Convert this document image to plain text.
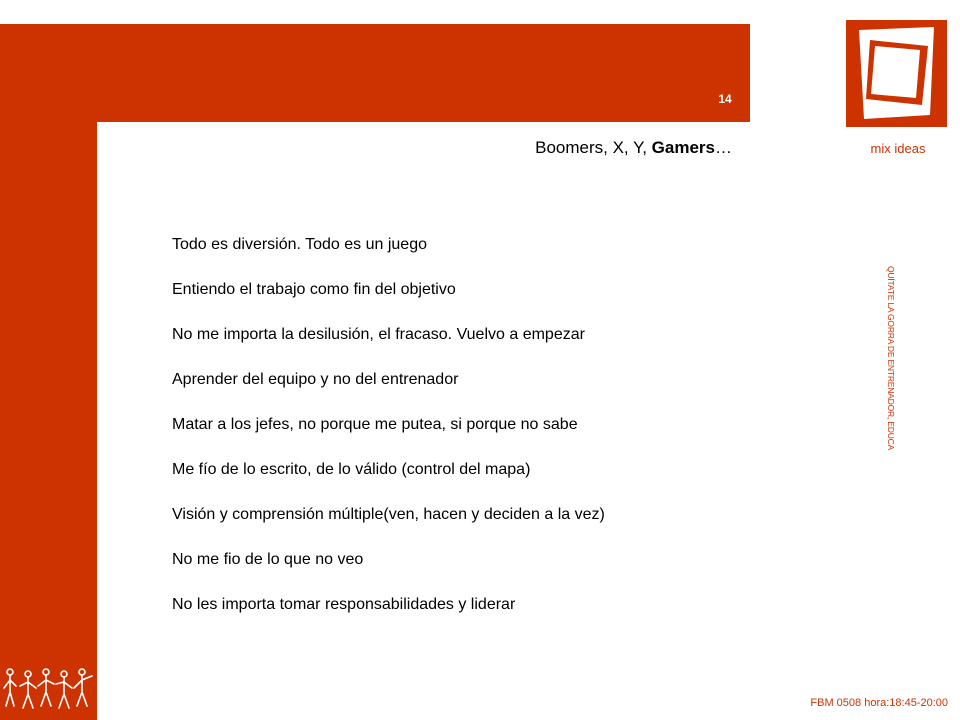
14
Boomers, X, Y, Gamers…	mix ideas
QUÍTATE LA GORRA DE ENTRENADOR, EDUCA
Todo es diversión. Todo es un juego
Entiendo el trabajo como fin del objetivo
No me importa la desilusión, el fracaso. Vuelvo a empezar
Aprender del equipo y no del entrenador
Matar a los jefes, no porque me putea, si porque no sabe
Me fío de lo escrito, de lo válido (control del mapa)
Visión y comprensión múltiple(ven, hacen y deciden a la vez)
No me fio de lo que no veo
No les importa tomar responsabilidades y liderar
FBM 0508 hora:18:45-20:00
